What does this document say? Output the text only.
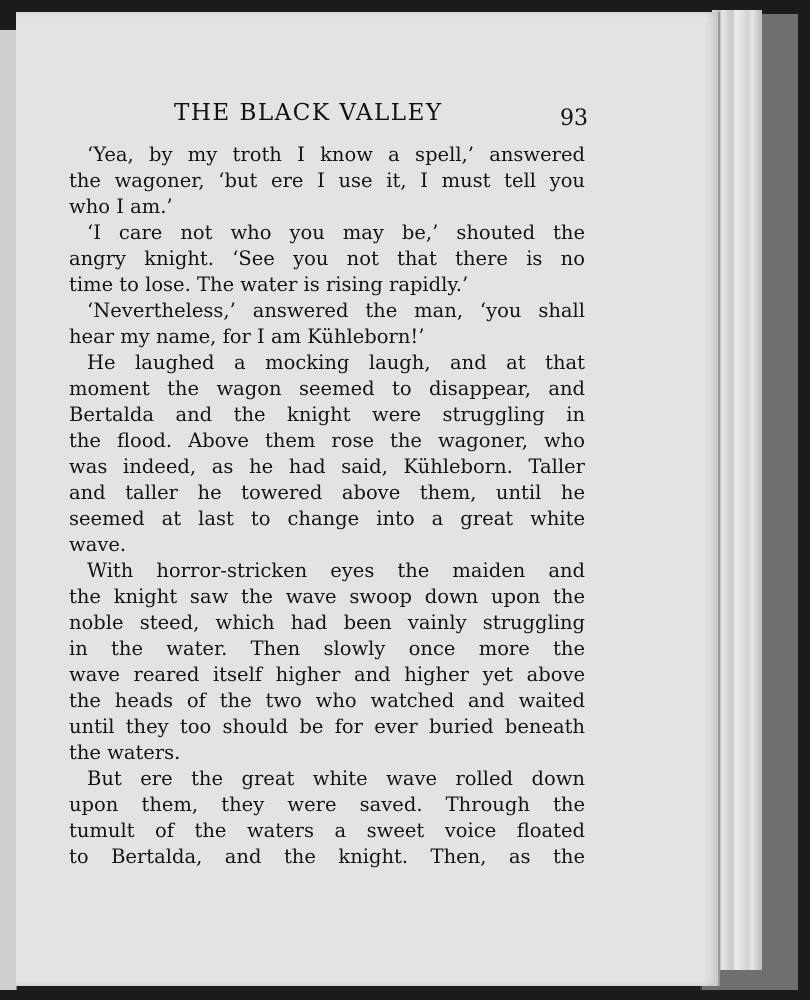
THE BLACK VALLEY	93
‘Yea, by my troth I know a spell,’ answered
the wagoner, ‘but ere I use it, I must tell you
who I am.’
‘I care not who you may be,’ shouted the
angry knight. ‘See you not that there is no
time to lose. The water is rising rapidly.’
‘Nevertheless,’ answered the man, ‘you shall
hear my name, for I am Kühleborn!’
He laughed a mocking laugh, and at that
moment the wagon seemed to disappear, and
Bertalda and the knight were struggling in
the flood. Above them rose the wagoner, who
was indeed, as he had said, Kühleborn. Taller
and taller he towered above them, until he
seemed at last to change into a great white
wave.
With horror-stricken eyes the maiden and
the knight saw the wave swoop down upon the
noble steed, which had been vainly struggling
in the water. Then slowly once more the
wave reared itself higher and higher yet above
the heads of the two who watched and waited
until they too should be for ever buried beneath
the waters.
But ere the great white wave rolled down
upon them, they were saved. Through the
tumult of the waters a sweet voice floated
to Bertalda, and the knight. Then, as the
